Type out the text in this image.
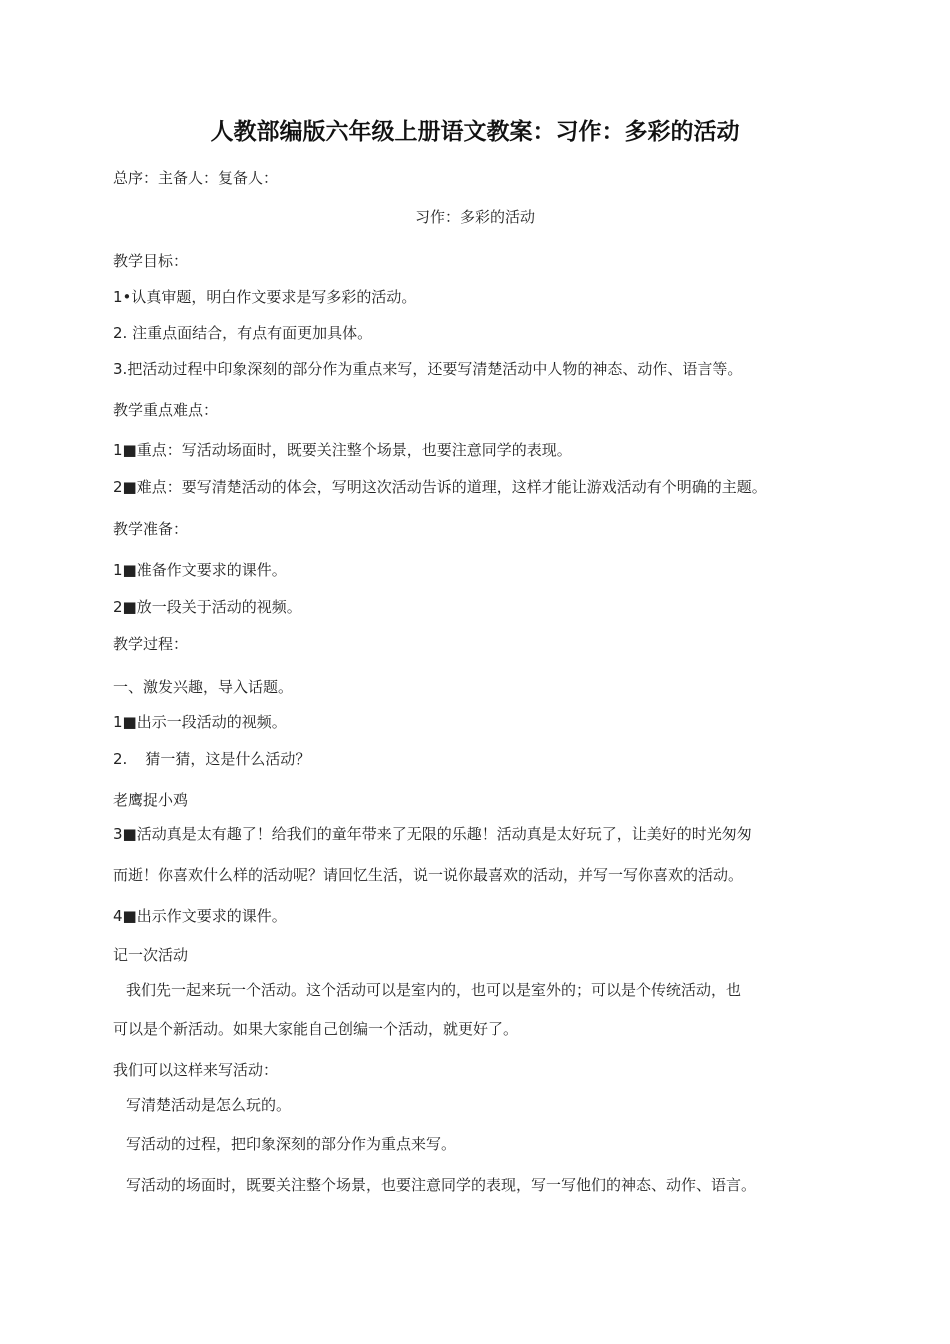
人教部编版六年级上册语文教案：习作：多彩的活动
总序：主备人：复备人：
习作：多彩的活动
教学目标：
1•认真审题，明白作文要求是写多彩的活动。
2. 注重点面结合，有点有面更加具体。
3.把活动过程中印象深刻的部分作为重点来写，还要写清楚活动中人物的神态、动作、语言等。
教学重点难点：
1■重点：写活动场面时，既要关注整个场景，也要注意同学的表现。
2■难点：要写清楚活动的体会，写明这次活动告诉的道理，这样才能让游戏活动有个明确的主题。
教学准备：
1■准备作文要求的课件。
2■放一段关于活动的视频。
教学过程：
一、激发兴趣，导入话题。
1■出示一段活动的视频。
2. 猜一猜，这是什么活动？
老鹰捉小鸡
3■活动真是太有趣了！给我们的童年带来了无限的乐趣！活动真是太好玩了，让美好的时光匆匆
而逝！你喜欢什么样的活动呢？请回忆生活，说一说你最喜欢的活动，并写一写你喜欢的活动。
4■出示作文要求的课件。
记一次活动
我们先一起来玩一个活动。这个活动可以是室内的，也可以是室外的；可以是个传统活动，也
可以是个新活动。如果大家能自己创编一个活动，就更好了。
我们可以这样来写活动：
写清楚活动是怎么玩的。
写活动的过程，把印象深刻的部分作为重点来写。
写活动的场面时，既要关注整个场景，也要注意同学的表现，写一写他们的神态、动作、语言。
